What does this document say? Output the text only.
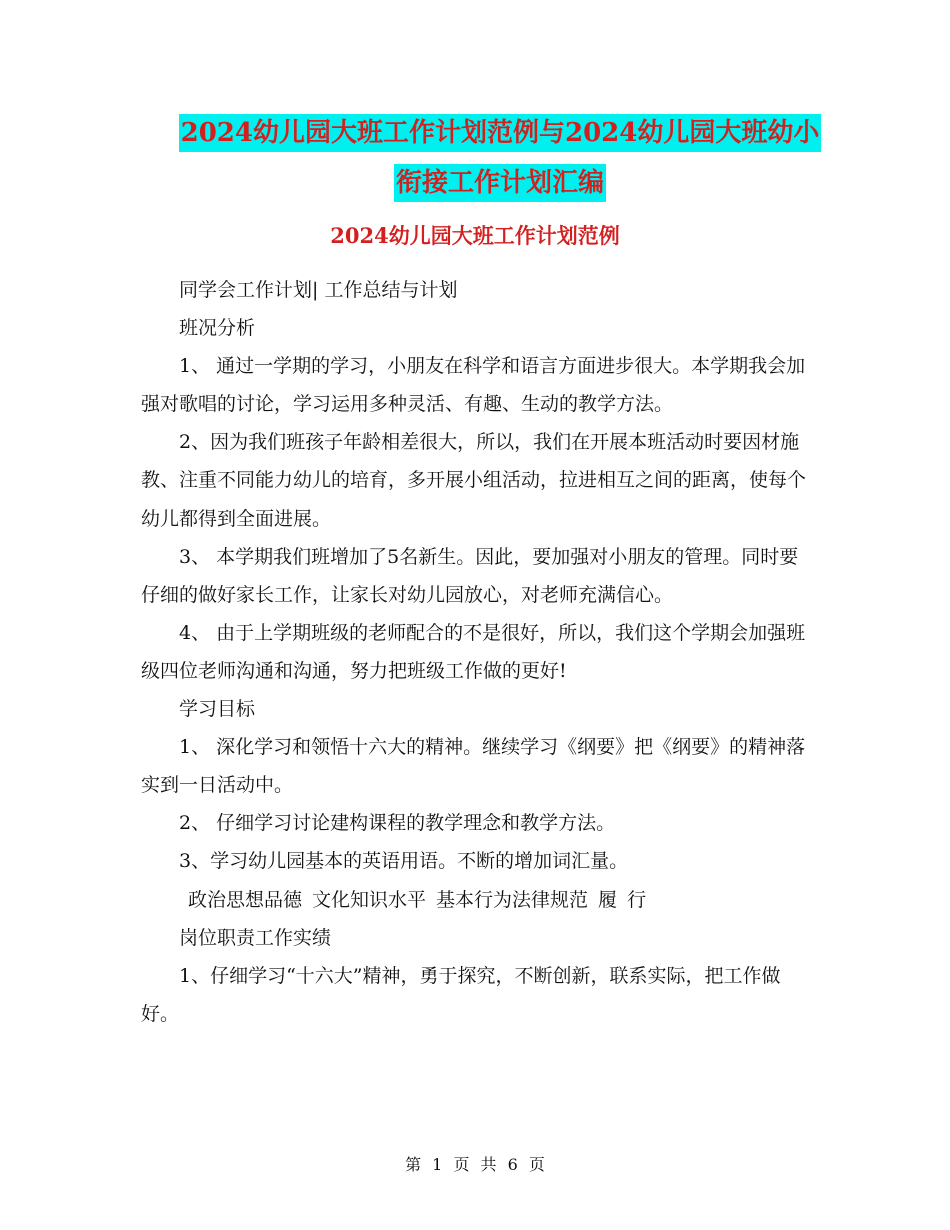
2024幼儿园大班工作计划范例与2024幼儿园大班幼小
衔接工作计划汇编
2024幼儿园大班工作计划范例

同学会工作计划| 工作总结与计划

班况分析

1、 通过一学期的学习，小朋友在科学和语言方面进步很大。本学期我会加强对歌唱的讨论，学习运用多种灵活、有趣、生动的教学方法。

2、因为我们班孩子年龄相差很大，所以，我们在开展本班活动时要因材施教、注重不同能力幼儿的培育，多开展小组活动，拉进相互之间的距离，使每个幼儿都得到全面进展。

3、 本学期我们班增加了5名新生。因此，要加强对小朋友的管理。同时要仔细的做好家长工作，让家长对幼儿园放心，对老师充满信心。

4、 由于上学期班级的老师配合的不是很好，所以，我们这个学期会加强班级四位老师沟通和沟通，努力把班级工作做的更好!

学习目标

1、 深化学习和领悟十六大的精神。继续学习《纲要》把《纲要》的精神落实到一日活动中。

2、 仔细学习讨论建构课程的教学理念和教学方法。

3、学习幼儿园基本的英语用语。不断的增加词汇量。

政治思想品德 文化知识水平 基本行为法律规范 履 行

岗位职责工作实绩

1、仔细学习“十六大”精神，勇于探究，不断创新，联系实际，把工作做好。

第 1 页 共 6 页
